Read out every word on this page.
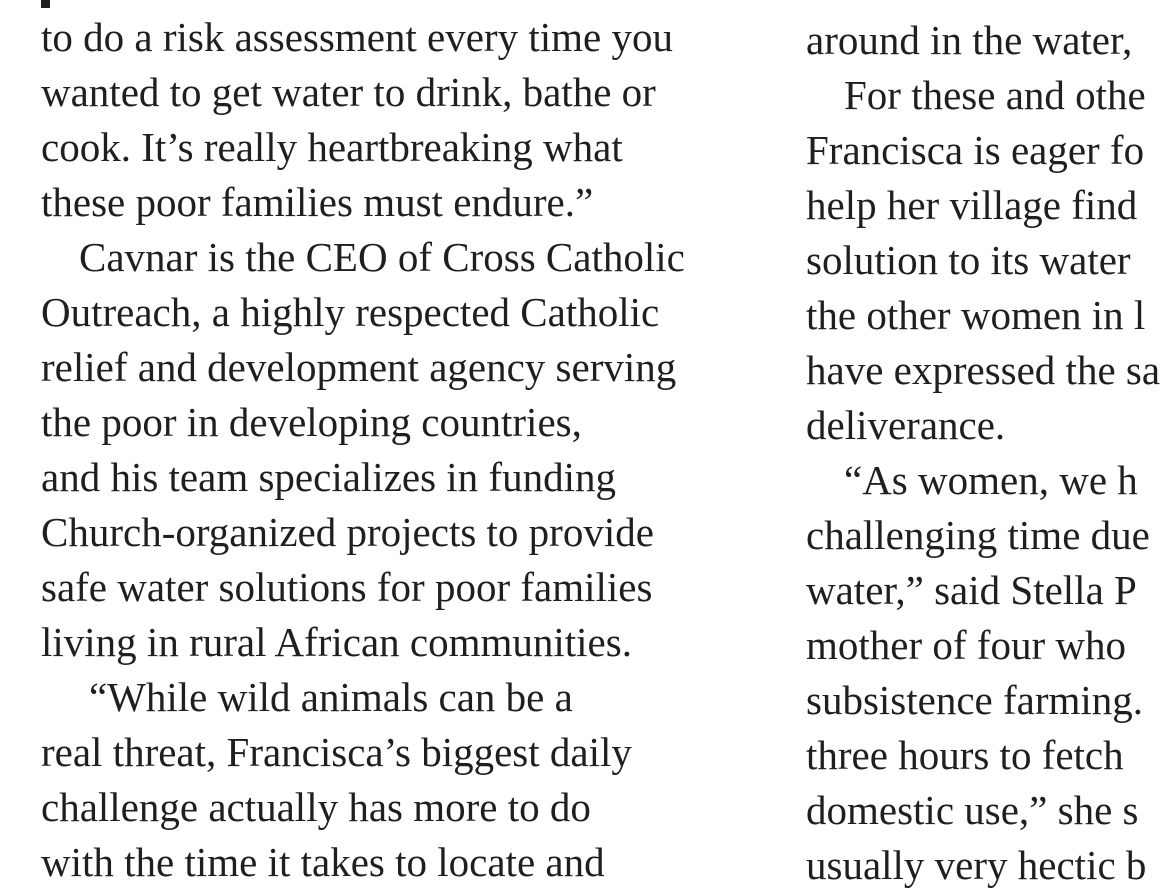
to do a risk assessment every time you
wanted to get water to drink, bathe or
cook. It’s really heartbreaking what
these poor families must endure.”
Cavnar is the CEO of Cross Catholic
Outreach, a highly respected Catholic
relief and development agency serving
the poor in developing countries,
and his team specializes in funding
Church-organized projects to provide
safe water solutions for poor families
living in rural African communities.
“While wild animals can be a
real threat, Francisca’s biggest daily
challenge actually has more to do
with the time it takes to locate and
around in the water,
For these and othe
Francisca is eager fo
help her village find
solution to its water
the other women in l
have expressed the sa
deliverance.
“As women, we h
challenging time due
water,” said Stella P
mother of four who
subsistence farming.
three hours to fetch
domestic use,” she s
usually very hectic b
